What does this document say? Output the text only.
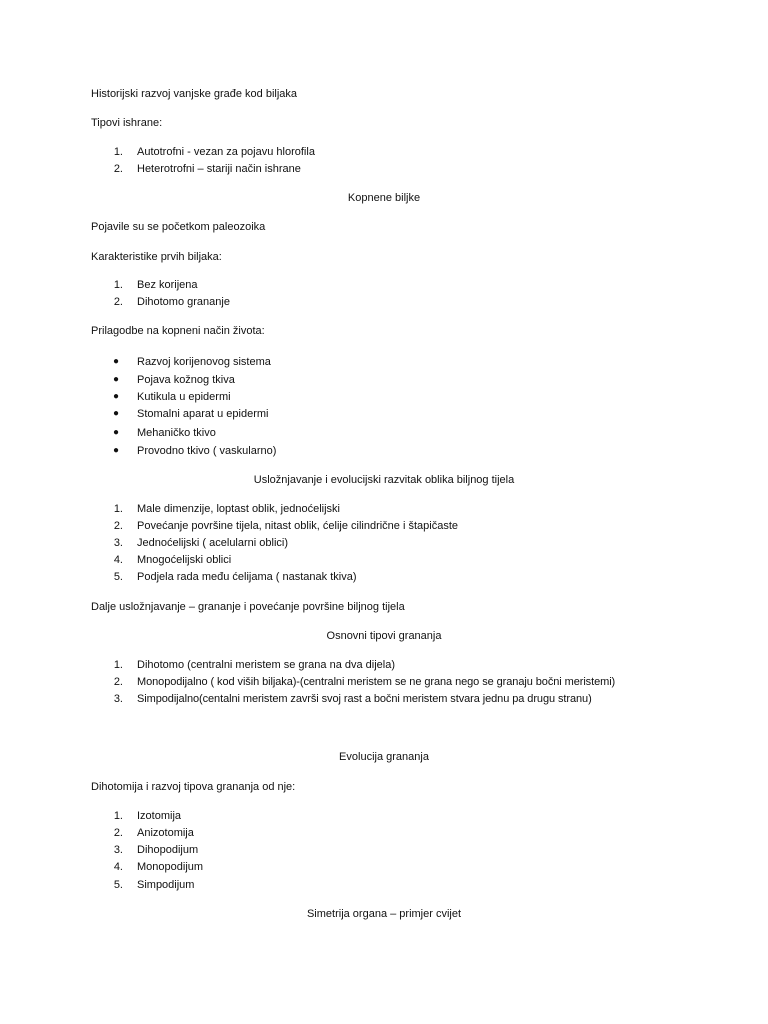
Historijski razvoj vanjske građe kod biljaka
Tipovi ishrane:
1. Autotrofni - vezan za pojavu hlorofila
2. Heterotrofni – stariji način ishrane
Kopnene biljke
Pojavile su se početkom paleozoika
Karakteristike prvih biljaka:
1. Bez korijena
2. Dihotomo grananje
Prilagodbe na kopneni način života:
● Razvoj korijenovog sistema
● Pojava kožnog tkiva
● Kutikula u epidermi
● Stomalni aparat u epidermi
● Mehaničko tkivo
● Provodno tkivo ( vaskularno)
Usložnjavanje i evolucijski razvitak oblika biljnog tijela
1. Male dimenzije, loptast oblik, jednoćelijski
2. Povećanje površine tijela, nitast oblik, ćelije cilindrične i štapičaste
3. Jednoćelijski ( acelularni oblici)
4. Mnogoćelijski oblici
5. Podjela rada među ćelijama ( nastanak tkiva)
Dalje usložnjavanje – grananje i povećanje površine biljnog tijela
Osnovni tipovi grananja
1. Dihotomo (centralni meristem se grana na dva dijela)
2. Monopodijalno ( kod viših biljaka)-(centralni meristem se ne grana nego se granaju bočni meristemi)
3. Simpodijalno(centalni meristem završi svoj rast a bočni meristem stvara jednu pa drugu stranu)
Evolucija grananja
Dihotomija i razvoj tipova grananja od nje:
1. Izotomija
2. Anizotomija
3. Dihopodijum
4. Monopodijum
5. Simpodijum
Simetrija organa – primjer cvijet
